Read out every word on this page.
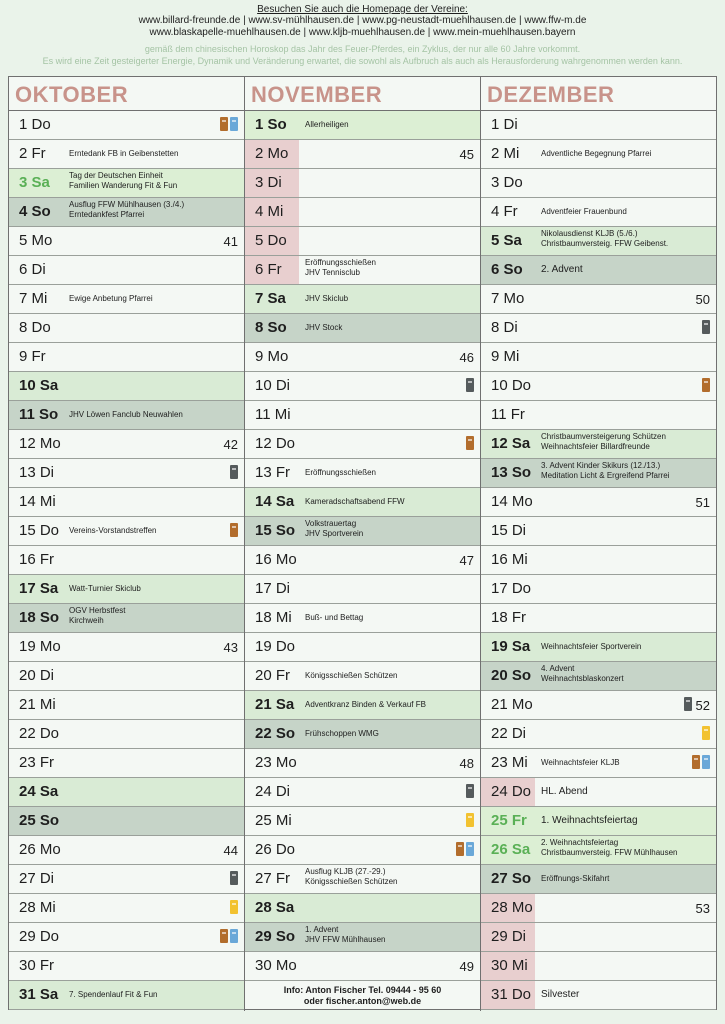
Besuchen Sie auch die Homepage der Vereine:
www.billard-freunde.de | www.sv-mühlhausen.de | www.pg-neustadt-muehlhausen.de | www.ffw-m.de
www.blaskapelle-muehlhausen.de | www.kljb-muehlhausen.de | www.mein-muehlhausen.bayern
gemäß dem chinesischen Horoskop das Jahr des Feuer-Pferdes, ein Zyklus, der nur alle 60 Jahre vorkommt.
Es wird eine Zeit gesteigerter Energie, Dynamik und Veränderung erwartet, die sowohl als Aufbruch als auch als Herausforderung wahrgenommen werden kann.
OKTOBER
1 Do
2 Fr	Erntedank FB in Geibenstetten
3 Sa Tag der Deutschen Einheit
Familien Wanderung Fit & Fun
4 So Ausflug FFW Mühlhausen (3./4.)
Erntedankfest Pfarrei
5 Mo	41
6 Di
7 Mi	Ewige Anbetung Pfarrei
8 Do
9 Fr
10 Sa
11 So JHV Löwen Fanclub Neuwahlen
12 Mo	42
13 Di
14 Mi
15 Do Vereins-Vorstandstreffen
16 Fr
17 Sa Watt-Turnier Skiclub
18 So OGV Herbstfest
Kirchweih
19 Mo	43
20 Di
21 Mi
22 Do
23 Fr
24 Sa
25 So
26 Mo	44
27 Di
28 Mi
29 Do
30 Fr
31 Sa 7. Spendenlauf Fit & Fun
NOVEMBER
1 So Allerheiligen
2 Mo	45
3 Di
4 Mi
5 Do
6 Fr	Eröffnungsschießen
JHV Tennisclub
7 Sa JHV Skiclub
8 So JHV Stock
9 Mo	46
10 Di
11 Mi
12 Do
13 Fr Eröffnungsschießen
14 Sa Kameradschaftsabend FFW
15 So Volkstrauertag
JHV Sportverein
16 Mo	47
17 Di
18 Mi Buß- und Bettag
19 Do
20 Fr Königsschießen Schützen
21 Sa Adventkranz Binden & Verkauf FB
22 So Frühschoppen WMG
23 Mo	48
24 Di
25 Mi
26 Do
27 Fr Ausflug KLJB (27.-29.)
Königsschießen Schützen
28 Sa
29 So 1. Advent
JHV FFW Mühlhausen
30 Mo	49
Info: Anton Fischer Tel. 09444 - 95 60
oder fischer.anton@web.de
DEZEMBER
1 Di
2 Mi	Adventliche Begegnung Pfarrei
3 Do
4 Fr	Adventfeier Frauenbund
5 Sa Nikolausdienst KLJB (5./6.)
Christbaumversteig. FFW Geibenst.
6 So 2. Advent
7 Mo	50
8 Di
9 Mi
10 Do
11 Fr
12 Sa Christbaumversteigerung Schützen
Weihnachtsfeier Billardfreunde
13 So 3. Advent Kinder Skikurs (12./13.)
Meditation Licht & Ergreifend Pfarrei
14 Mo	51
15 Di
16 Mi
17 Do
18 Fr
19 Sa Weihnachtsfeier Sportverein
20 So 4. Advent
Weihnachtsblaskonzert
21 Mo	52
22 Di
23 Mi Weihnachtsfeier KLJB
24 Do HL. Abend
25 Fr 1. Weihnachtsfeiertag
26 Sa 2. Weihnachtsfeiertag
Christbaumversteig. FFW Mühlhausen
27 So Eröffnungs-Skifahrt
28 Mo	53
29 Di
30 Mi
31 Do Silvester
